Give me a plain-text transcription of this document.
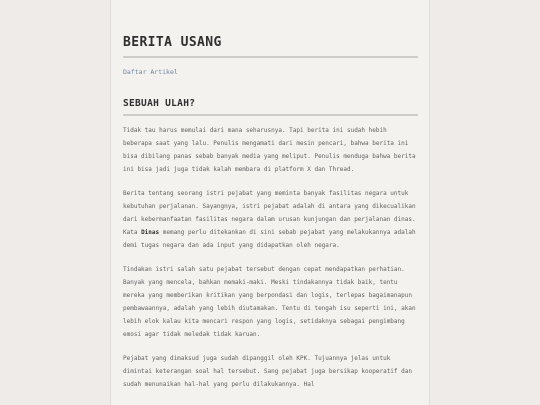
BERITA USANG
Daftar Artikel
SEBUAH ULAH?

Tidak tau harus memulai dari mana seharusnya. Tapi berita ini sudah hebih beberapa saat yang lalu. Penulis mengamati dari mesin pencari, bahwa berita ini bisa dibilang panas sebab banyak media yang meliput. Penulis menduga bahwa berita ini bisa jadi juga tidak kalah membara di platform X dan Thread.

Berita tentang seorang istri pejabat yang meminta banyak fasilitas negara untuk kebutuhan perjalanan. Sayangnya, istri pejabat adalah di antara yang dikecualikan dari kebermanfaatan fasilitas negara dalam urusan kunjungan dan perjalanan dinas. Kata Dinas memang perlu ditekankan di sini sebab pejabat yang melakukannya adalah demi tugas negara dan ada input yang didapatkan oleh negara.

Tindakan istri salah satu pejabat tersebut dengan cepat mendapatkan perhatian. Banyak yang mencela, bahkan memaki-maki. Meski tindakannya tidak baik, tentu mereka yang memberikan kritikan yang berpondasi dan logis, terlepas bagaimanapun pembawaannya, adalah yang lebih diutamakan. Tentu di tengah isu seperti ini, akan lebih elok kalau kita mencari respon yang logis, setidaknya sebagai pengimbang emosi agar tidak meledak tidak karuan.

Pejabat yang dimaksud juga sudah dipanggil oleh KPK. Tujuannya jelas untuk dimintai keterangan soal hal tersebut. Sang pejabat juga bersikap kooperatif dan sudah menunaikan hal-hal yang perlu dilakukannya. Hal
